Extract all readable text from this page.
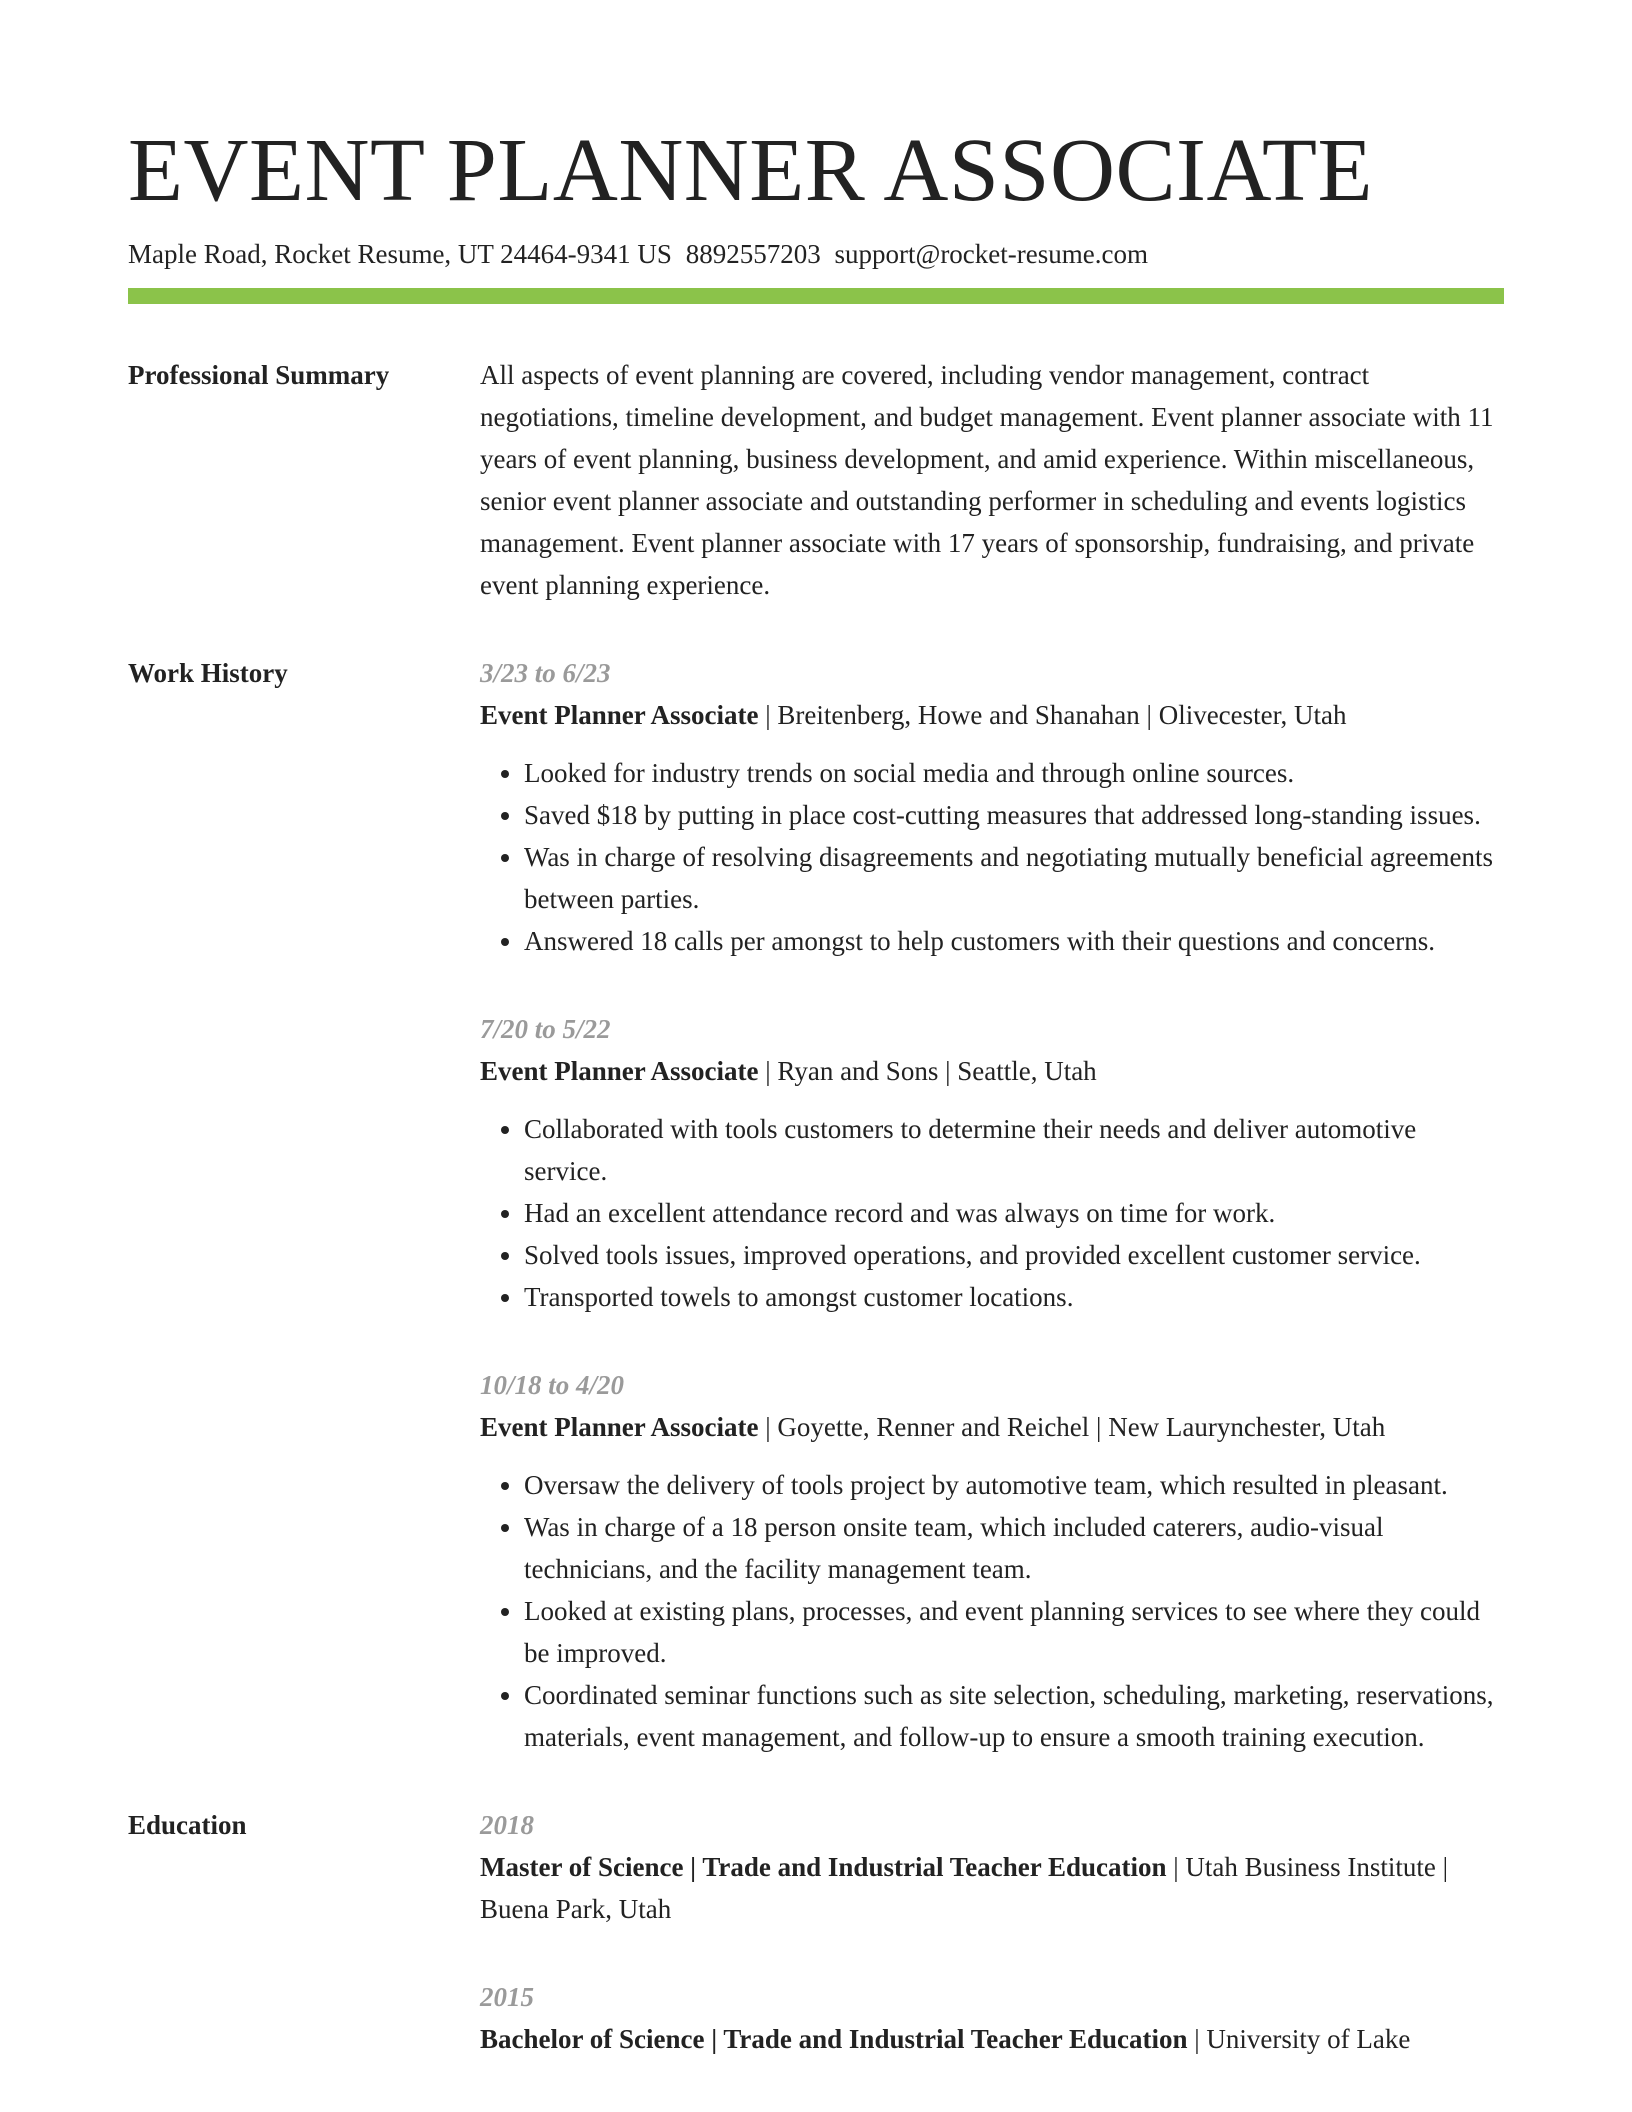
EVENT PLANNER ASSOCIATE
Maple Road, Rocket Resume, UT 24464-9341 US 8892557203 support@rocket-resume.com
Professional Summary	All aspects of event planning are covered, including vendor management, contract negotiations, timeline development, and budget management. Event planner associate with 11 years of event planning, business development, and amid experience. Within miscellaneous, senior event planner associate and outstanding performer in scheduling and events logistics management. Event planner associate with 17 years of sponsorship, fundraising, and private event planning experience.

Work History	3/23 to 6/23
Event Planner Associate | Breitenberg, Howe and Shanahan | Olivecester, Utah
• Looked for industry trends on social media and through online sources.
• Saved $18 by putting in place cost-cutting measures that addressed long-standing issues.
• Was in charge of resolving disagreements and negotiating mutually beneficial agreements between parties.
• Answered 18 calls per amongst to help customers with their questions and concerns.
7/20 to 5/22
Event Planner Associate | Ryan and Sons | Seattle, Utah
• Collaborated with tools customers to determine their needs and deliver automotive service.
• Had an excellent attendance record and was always on time for work.
• Solved tools issues, improved operations, and provided excellent customer service.
• Transported towels to amongst customer locations.
10/18 to 4/20
Event Planner Associate | Goyette, Renner and Reichel | New Laurynchester, Utah
• Oversaw the delivery of tools project by automotive team, which resulted in pleasant.
• Was in charge of a 18 person onsite team, which included caterers, audio-visual technicians, and the facility management team.
• Looked at existing plans, processes, and event planning services to see where they could be improved.
• Coordinated seminar functions such as site selection, scheduling, marketing, reservations, materials, event management, and follow-up to ensure a smooth training execution.
Education	2018
Master of Science | Trade and Industrial Teacher Education | Utah Business Institute | Buena Park, Utah
2015
Bachelor of Science | Trade and Industrial Teacher Education | University of Lake
